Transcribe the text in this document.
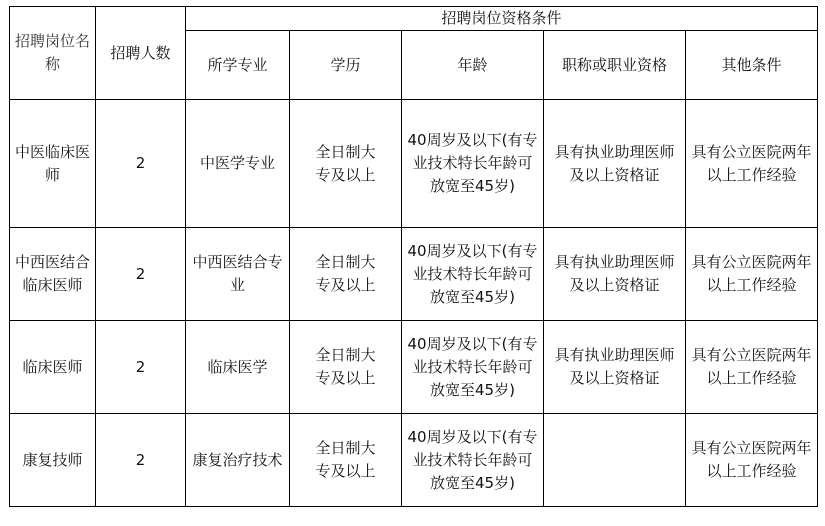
招聘岗位名称	招聘人数	招聘岗位资格条件				
		所学专业	学历	年龄	职称或职业资格	其他条件
中医临床医师	2	中医学专业	全日制大专及以上	40周岁及以下(有专业技术特长年龄可放宽至45岁)	具有执业助理医师及以上资格证	具有公立医院两年以上工作经验
中西医结合临床医师	2	中西医结合专业	全日制大专及以上	40周岁及以下(有专业技术特长年龄可放宽至45岁)	具有执业助理医师及以上资格证	具有公立医院两年以上工作经验
临床医师	2	临床医学	全日制大专及以上	40周岁及以下(有专业技术特长年龄可放宽至45岁)	具有执业助理医师及以上资格证	具有公立医院两年以上工作经验
康复技师	2	康复治疗技术	全日制大专及以上	40周岁及以下(有专业技术特长年龄可放宽至45岁)		具有公立医院两年以上工作经验
